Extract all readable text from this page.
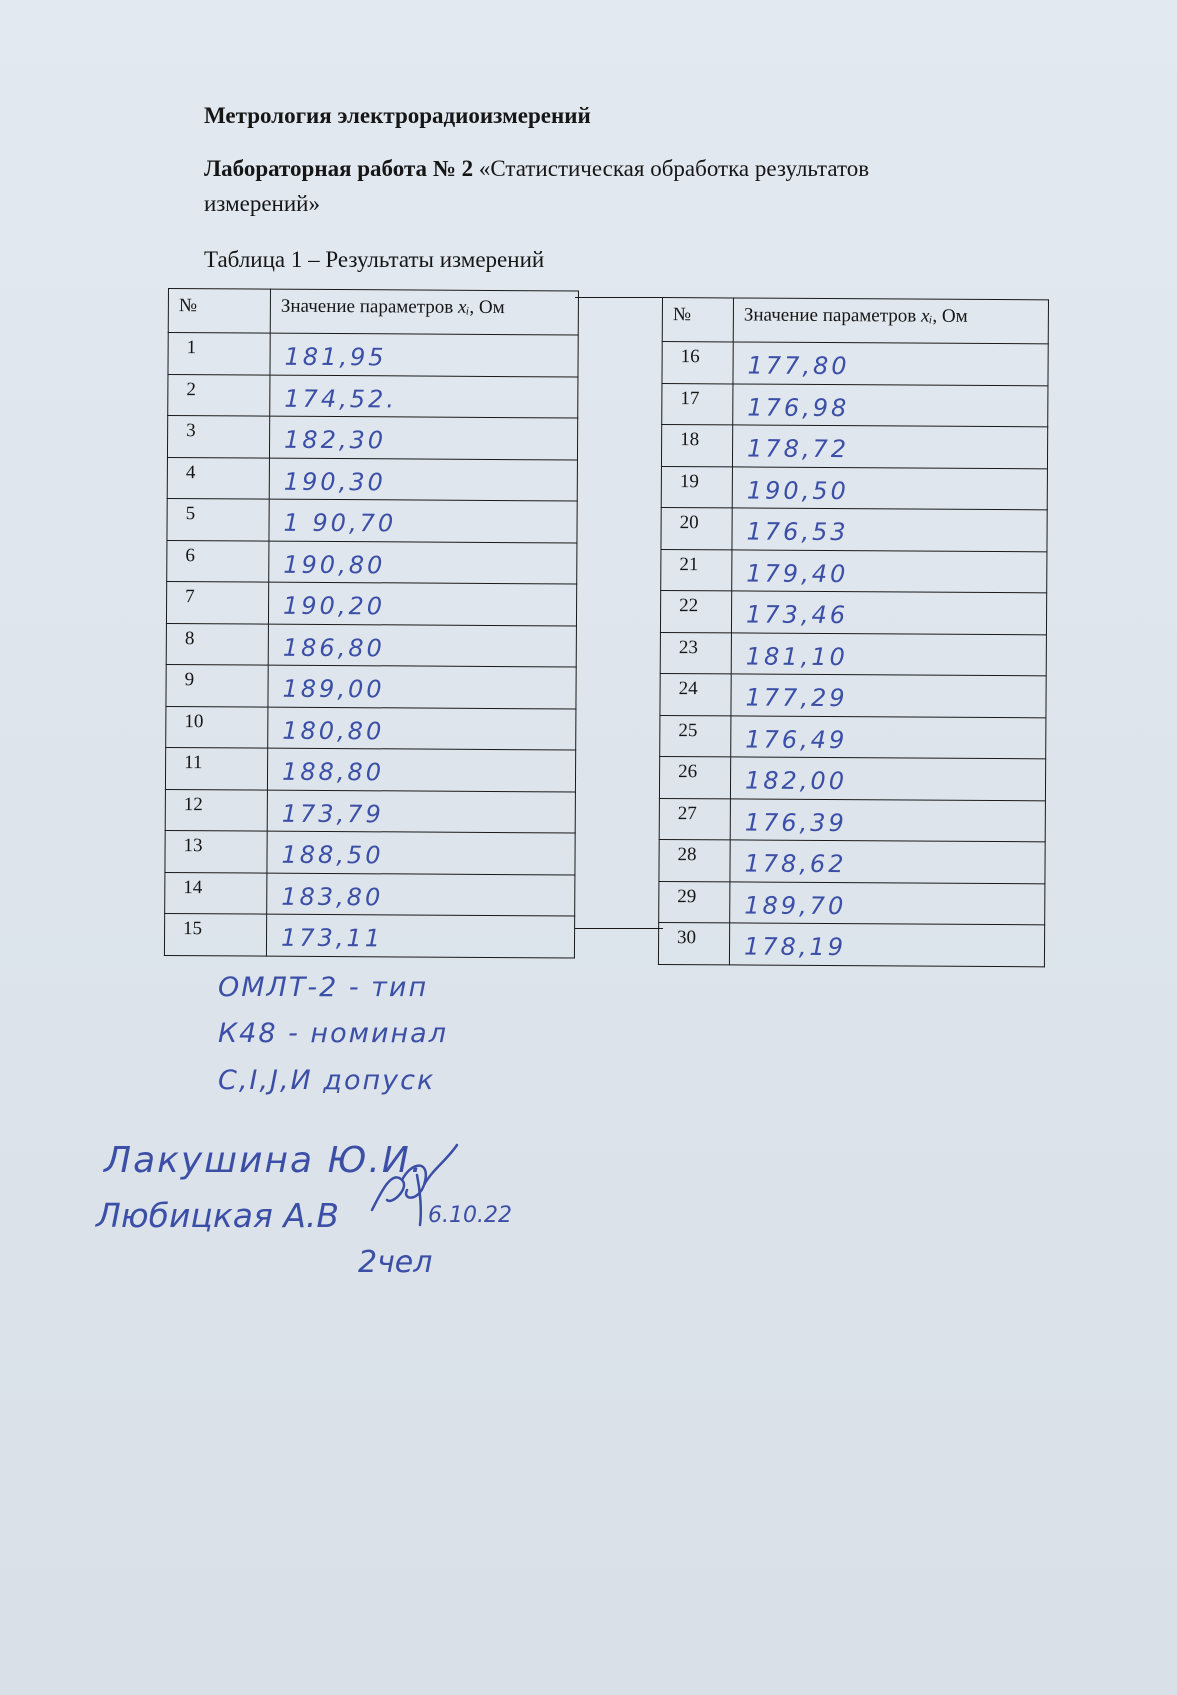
Метрология электрорадиоизмерений
Лабораторная работа № 2 «Статистическая обработка результатов
измерений»
Таблица 1 – Результаты измерений
№	Значение параметров xᵢ, Ом
1	181,95
2	174,52.
3	182,30
4	190,30
5	1 90,70
6	190,80
7	190,20
8	186,80
9	189,00
10	180,80
11	188,80
12	173,79
13	188,50
14	183,80
15	173,11
№	Значение параметров xᵢ, Ом
16	177,80
17	176,98
18	178,72
19	190,50
20	176,53
21	179,40
22	173,46
23	181,10
24	177,29
25	176,49
26	182,00
27	176,39
28	178,62
29	189,70
30	178,19
ОМЛТ-2 - тип
К48 - номинал
С,I,J,И допуск
Лакушина Ю.И.
Любицкая А.В	6.10.22
2чел
